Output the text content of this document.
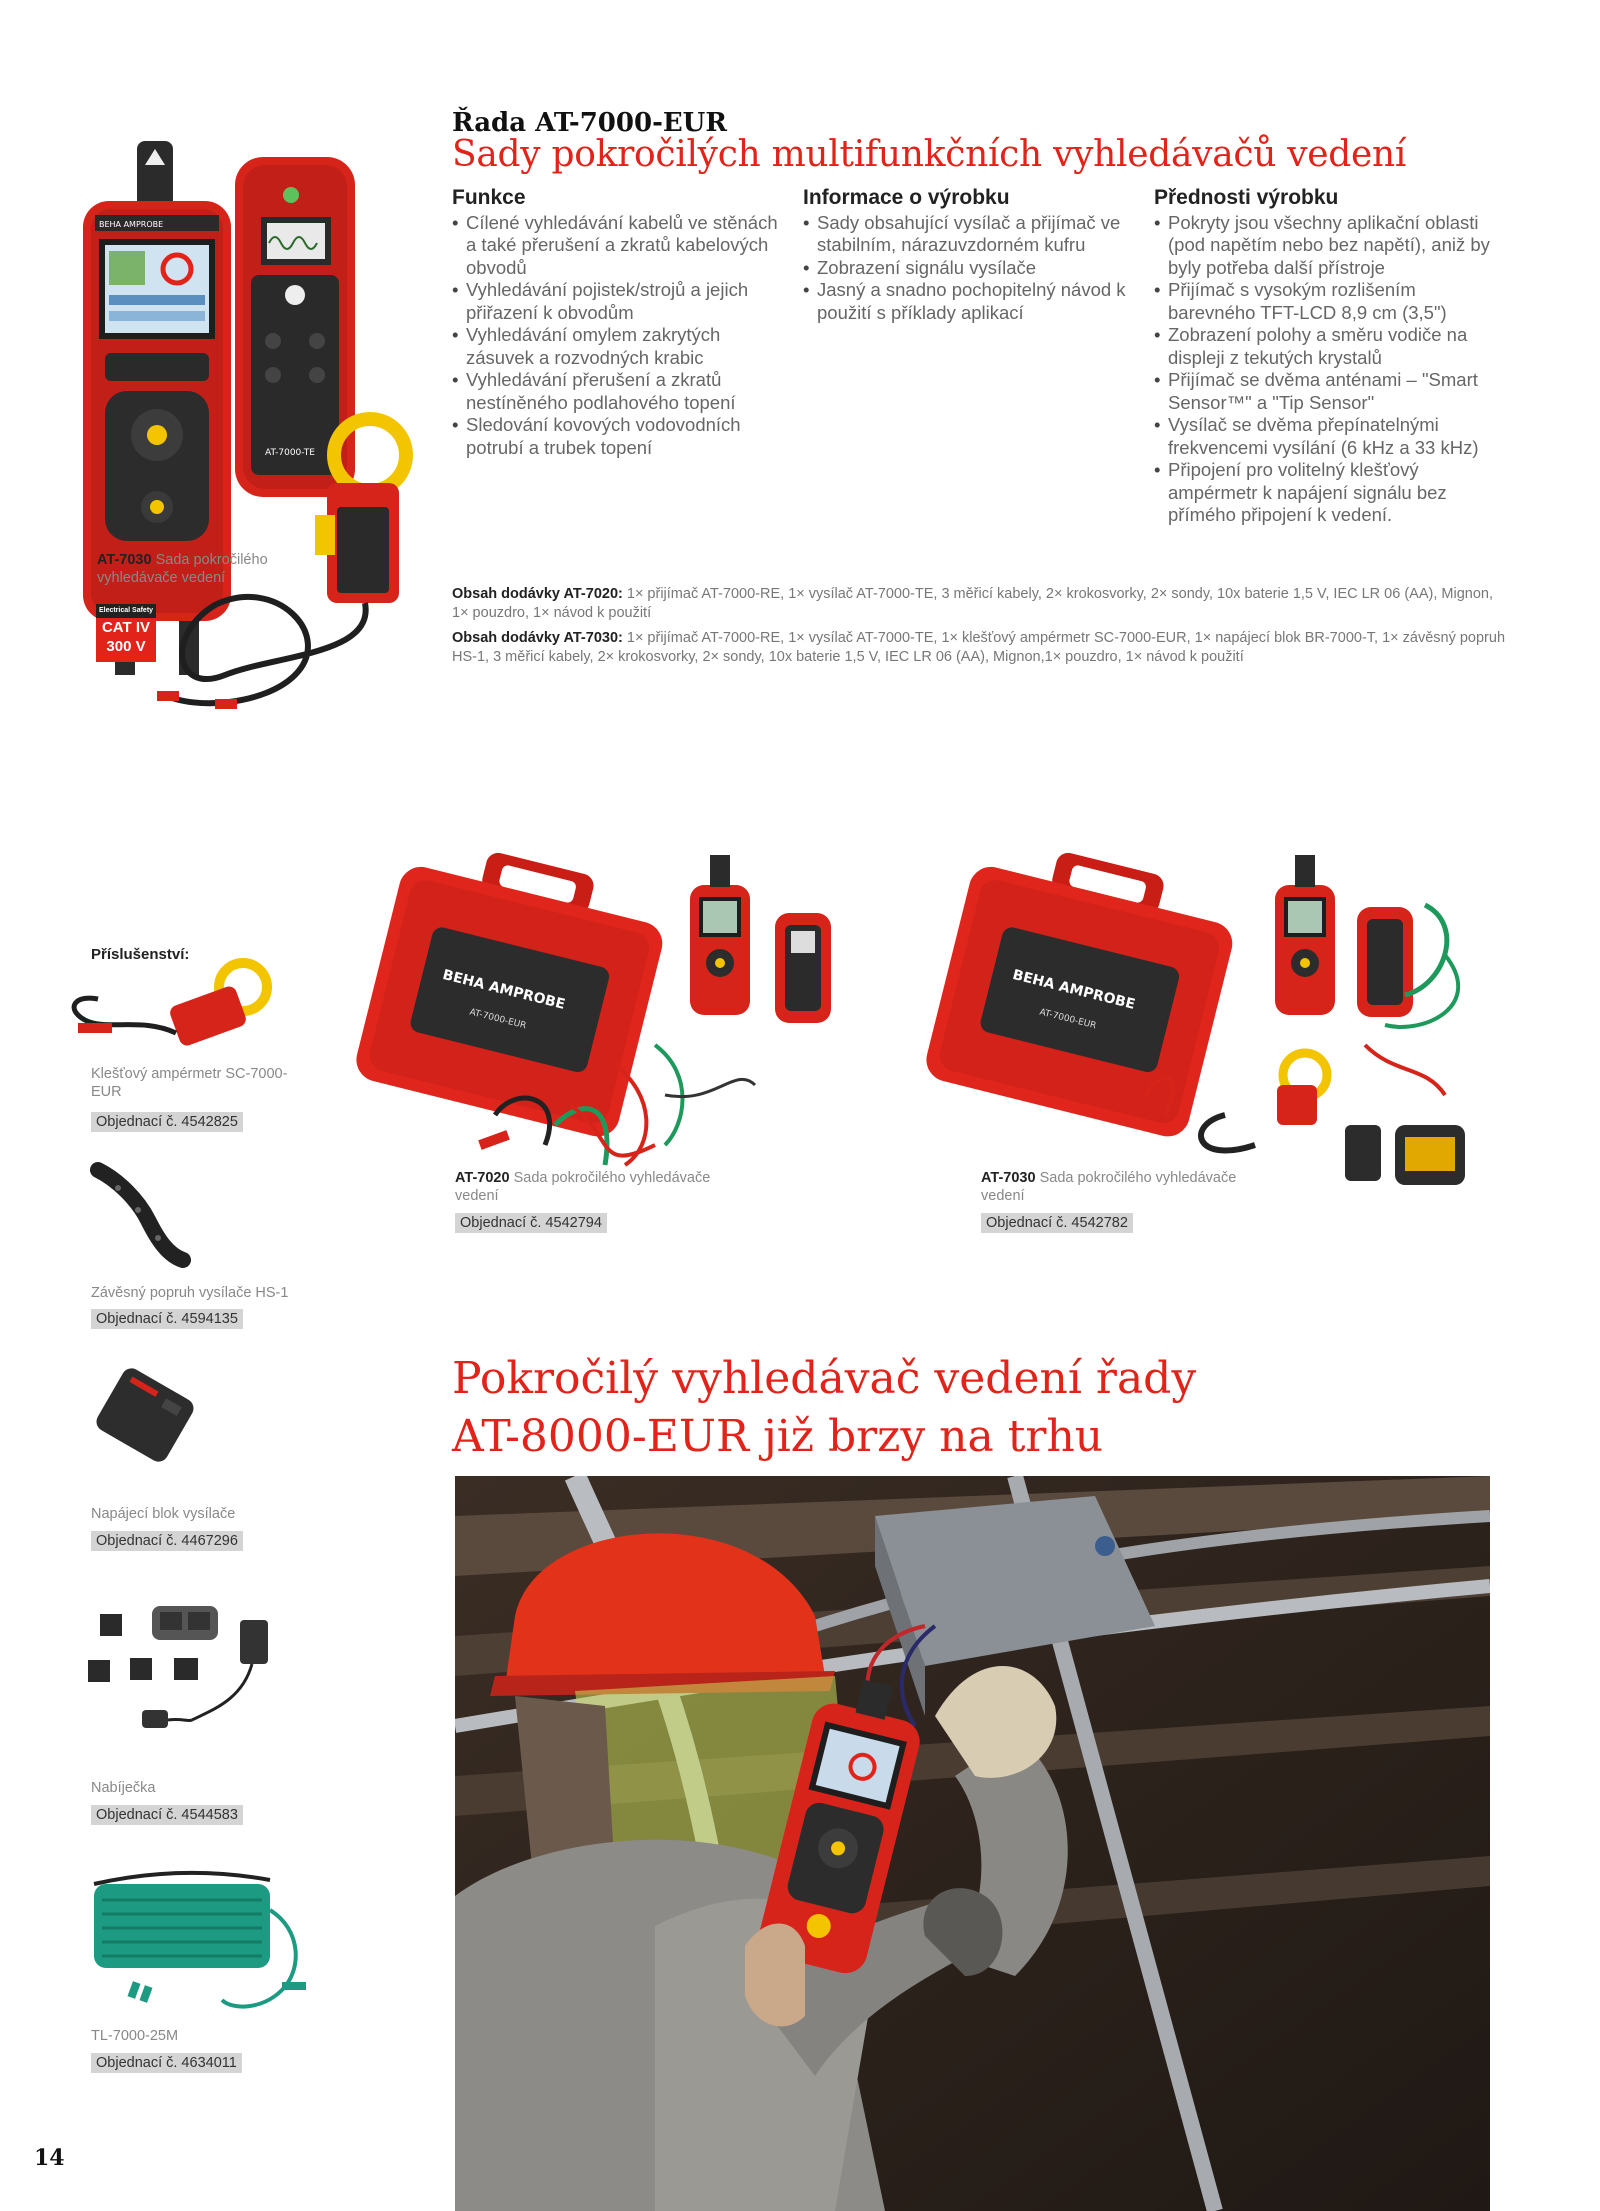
Řada AT-7000-EUR
Sady pokročilých multifunkčních vyhledávačů vedení
Funkce
• Cílené vyhledávání kabelů ve stěnách a také přerušení a zkratů kabelových obvodů
• Vyhledávání pojistek/strojů a jejich přiřazení k obvodům
• Vyhledávání omylem zakrytých zásuvek a rozvodných krabic
• Vyhledávání přerušení a zkratů nestíněného podlahového topení
• Sledování kovových vodovodních potrubí a trubek topení
Informace o výrobku
• Sady obsahující vysílač a přijímač ve stabilním, nárazuvzdorném kufru
• Zobrazení signálu vysílače
• Jasný a snadno pochopitelný návod k použití s příklady aplikací
Přednosti výrobku
• Pokryty jsou všechny aplikační oblasti (pod napětím nebo bez napětí), aniž by byly potřeba další přístroje
• Přijímač s vysokým rozlišením barevného TFT-LCD 8,9 cm (3,5")
• Zobrazení polohy a směru vodiče na displeji z tekutých krystalů
• Přijímač se dvěma anténami – "Smart Sensor™" a "Tip Sensor"
• Vysílač se dvěma přepínatelnými frekvencemi vysílání (6 kHz a 33 kHz)
• Připojení pro volitelný klešťový ampérmetr k napájení signálu bez přímého připojení k vedení.
Obsah dodávky AT-7020: 1× přijímač AT-7000-RE, 1× vysílač AT-7000-TE, 3 měřicí kabely, 2× krokosvorky, 2× sondy, 10x baterie 1,5 V, IEC LR 06 (AA), Mignon, 1× pouzdro, 1× návod k použití
Obsah dodávky AT-7030: 1× přijímač AT-7000-RE, 1× vysílač AT-7000-TE, 1× klešťový ampérmetr SC-7000-EUR, 1× napájecí blok BR-7000-T, 1× závěsný popruh HS-1, 3 měřicí kabely, 2× krokosvorky, 2× sondy, 10x baterie 1,5 V, IEC LR 06 (AA), Mignon,1× pouzdro, 1× návod k použití
BEHA AMPROBE
AT-7000-TE
AT-7030 Sada pokročilého vyhledávače vedení
Electrical Safety
CAT IV
300 V
BEHA AMPROBE
AT-7000-EUR
BEHA AMPROBE
AT-7000-EUR
AT-7020 Sada pokročilého vyhledávače vedení
Objednací č. 4542794
AT-7030 Sada pokročilého vyhledávače vedení
Objednací č. 4542782
Příslušenství:
Klešťový ampérmetr SC-7000-EUR
Objednací č. 4542825
Závěsný popruh vysílače HS-1
Objednací č. 4594135
Napájecí blok vysílače
Objednací č. 4467296
Nabíječka
Objednací č. 4544583
TL-7000-25M
Objednací č. 4634011
Pokročilý vyhledávač vedení řady
AT-8000-EUR již brzy na trhu
14
